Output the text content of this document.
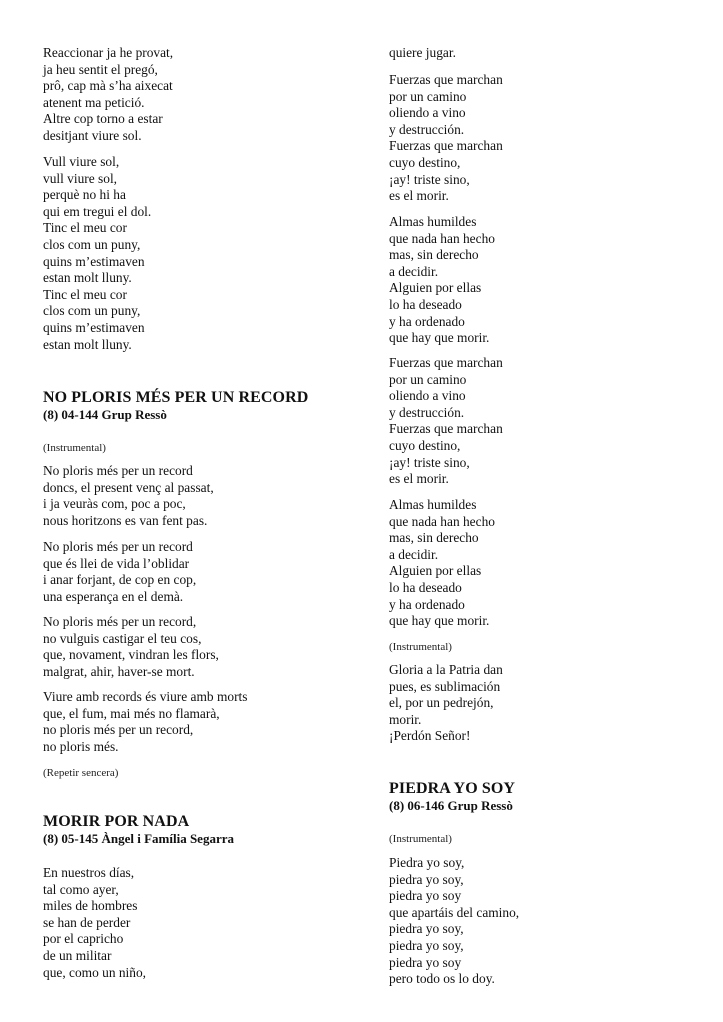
Reaccionar ja he provat,
ja heu sentit el pregó,
prô, cap mà s’ha aixecat
atenent ma petició.
Altre cop torno a estar
desitjant viure sol.
Vull viure sol,
vull viure sol,
perquè no hi ha
qui em tregui el dol.
Tinc el meu cor
clos com un puny,
quins m’estimaven
estan molt lluny.
Tinc el meu cor
clos com un puny,
quins m’estimaven
estan molt lluny.
NO PLORIS MÉS PER UN RECORD
(8) 04-144 Grup Ressò
(Instrumental)
No ploris més per un record
doncs, el present venç al passat,
i ja veuràs com, poc a poc,
nous horitzons es van fent pas.
No ploris més per un record
que és llei de vida l’oblidar
i anar forjant, de cop en cop,
una esperança en el demà.
No ploris més per un record,
no vulguis castigar el teu cos,
que, novament, vindran les flors,
malgrat, ahir, haver-se mort.
Viure amb records és viure amb morts
que, el fum, mai més no flamarà,
no ploris més per un record,
no ploris més.
(Repetir sencera)
MORIR POR NADA
(8) 05-145 Àngel i Família Segarra
En nuestros días,
tal como ayer,
miles de hombres
se han de perder
por el capricho
de un militar
que, como un niño,
quiere jugar.
Fuerzas que marchan
por un camino
oliendo a vino
y destrucción.
Fuerzas que marchan
cuyo destino,
¡ay! triste sino,
es el morir.
Almas humildes
que nada han hecho
mas, sin derecho
a decidir.
Alguien por ellas
lo ha deseado
y ha ordenado
que hay que morir.
Fuerzas que marchan
por un camino
oliendo a vino
y destrucción.
Fuerzas que marchan
cuyo destino,
¡ay! triste sino,
es el morir.
Almas humildes
que nada han hecho
mas, sin derecho
a decidir.
Alguien por ellas
lo ha deseado
y ha ordenado
que hay que morir.
(Instrumental)
Gloria a la Patria dan
pues, es sublimación
el, por un pedrejón,
morir.
¡Perdón Señor!
PIEDRA YO SOY
(8) 06-146 Grup Ressò
(Instrumental)
Piedra yo soy,
piedra yo soy,
piedra yo soy
que apartáis del camino,
piedra yo soy,
piedra yo soy,
piedra yo soy
pero todo os lo doy.
